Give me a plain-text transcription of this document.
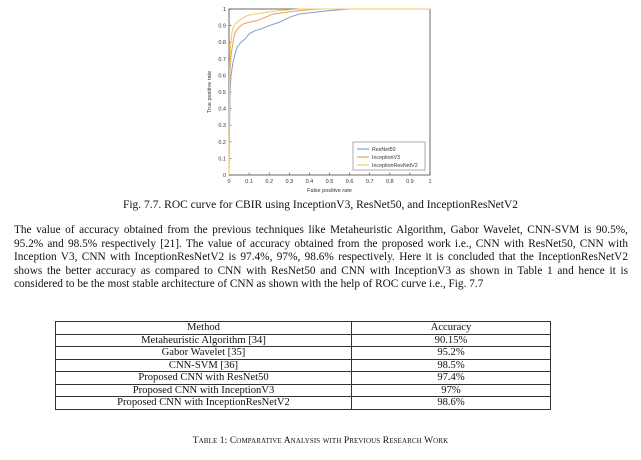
0	0.1 0.2 0.3 0.4 0.5 0.6 0.7 0.8 0.9	1
0
0.1
0.2
0.3
0.4
0.5
0.6
0.7
0.8
0.9
1
False positive rate
True positive rate
ResNet50
InceptionV3
InceptionResNetV2
Fig. 7.7. ROC curve for CBIR using InceptionV3, ResNet50, and InceptionResNetV2
The value of accuracy obtained from the previous techniques like Metaheuristic Algorithm, Gabor Wavelet, CNN-SVM is 90.5%, 95.2% and 98.5% respectively [21]. The value of accuracy obtained from the proposed work i.e., CNN with ResNet50, CNN with Inception V3, CNN with InceptionResNetV2 is 97.4%, 97%, 98.6% respectively. Here it is concluded that the InceptionResNetV2 shows the better accuracy as compared to CNN with ResNet50 and CNN with InceptionV3 as shown in Table 1 and hence it is considered to be the most stable architecture of CNN as shown with the help of ROC curve i.e., Fig. 7.7
Method	Accuracy
Metaheuristic Algorithm [34]	90.15%
Gabor Wavelet [35]	95.2%
CNN-SVM [36]	98.5%
Proposed CNN with ResNet50	97.4%
Proposed CNN with InceptionV3	97%
Proposed CNN with InceptionResNetV2	98.6%
Table 1: Comparative Analysis with Previous Research Work
